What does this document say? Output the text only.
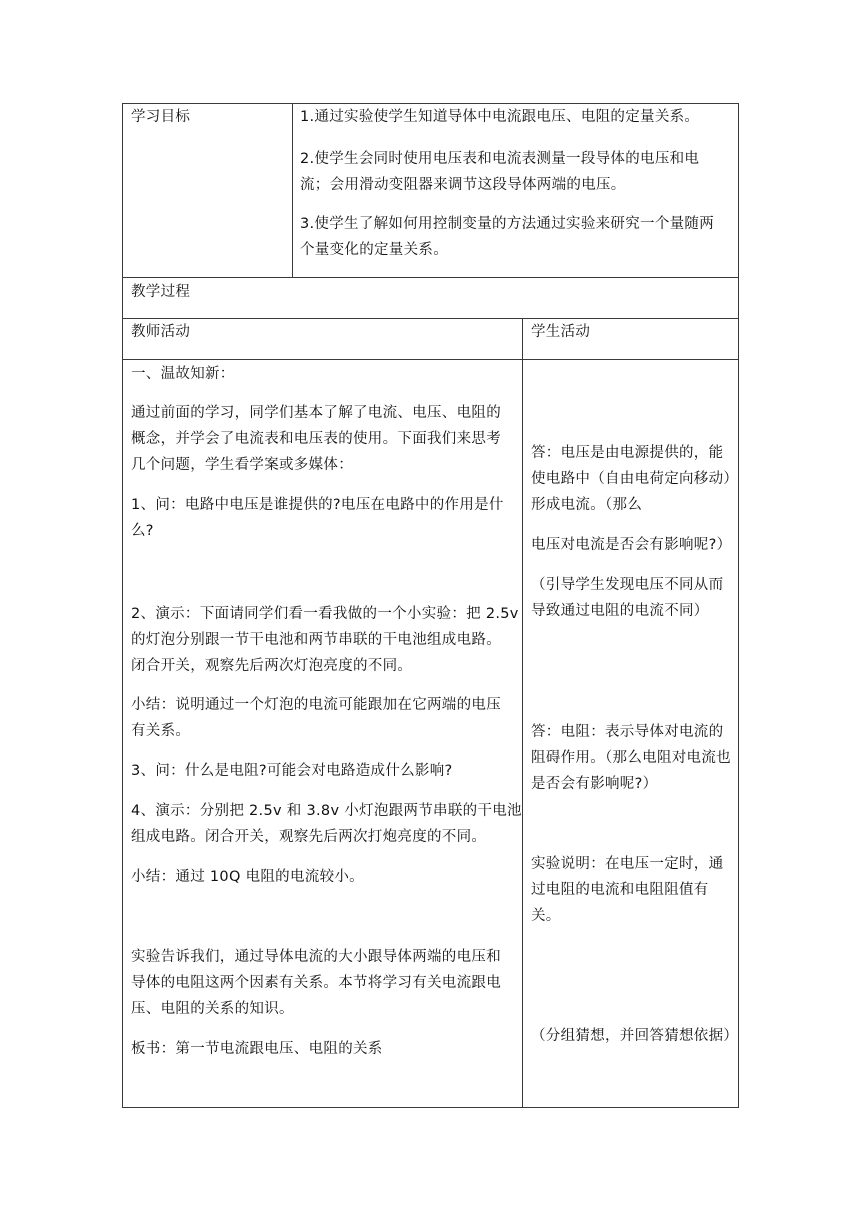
学习目标	1.通过实验使学生知道导体中电流跟电压、电阻的定量关系。
2.使学生会同时使用电压表和电流表测量一段导体的电压和电
流；会用滑动变阻器来调节这段导体两端的电压。
3.使学生了解如何用控制变量的方法通过实验来研究一个量随两
个量变化的定量关系。
教学过程
教师活动	学生活动
一、温故知新：
通过前面的学习，同学们基本了解了电流、电压、电阻的
概念，并学会了电流表和电压表的使用。下面我们来思考
几个问题，学生看学案或多媒体：
1、问：电路中电压是谁提供的?电压在电路中的作用是什
么?
2、演示：下面请同学们看一看我做的一个小实验：把 2.5v
的灯泡分别跟一节干电池和两节串联的干电池组成电路。
闭合开关，观察先后两次灯泡亮度的不同。
小结：说明通过一个灯泡的电流可能跟加在它两端的电压
有关系。
3、问：什么是电阻?可能会对电路造成什么影响?
4、演示：分别把 2.5v 和 3.8v 小灯泡跟两节串联的干电池
组成电路。闭合开关，观察先后两次打炮亮度的不同。
小结：通过 10Q 电阻的电流较小。
实验告诉我们，通过导体电流的大小跟导体两端的电压和
导体的电阻这两个因素有关系。本节将学习有关电流跟电
压、电阻的关系的知识。
板书：第一节电流跟电压、电阻的关系
答：电压是由电源提供的，能
使电路中（自由电荷定向移动）
形成电流。（那么
电压对电流是否会有影响呢?）
（引导学生发现电压不同从而
导致通过电阻的电流不同）
答：电阻：表示导体对电流的
阻碍作用。（那么电阻对电流也
是否会有影响呢?）
实验说明：在电压一定时，通
过电阻的电流和电阻阻值有
关。
（分组猜想，并回答猜想依据）
